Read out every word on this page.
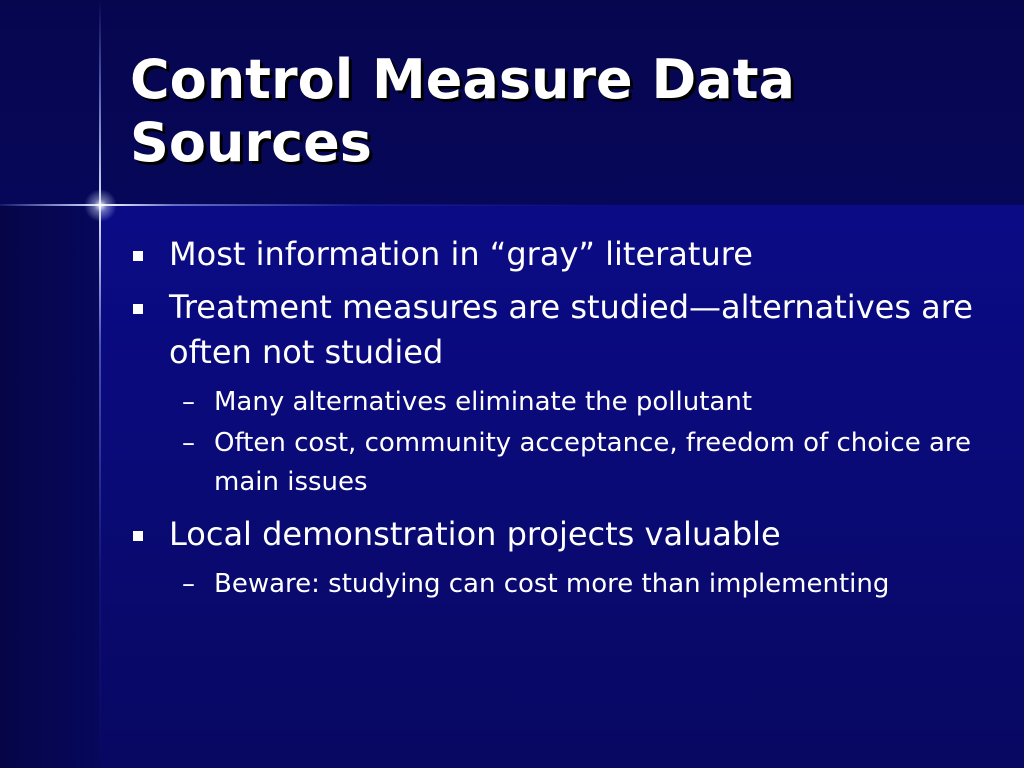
Control Measure Data Sources
Most information in “gray” literature
Treatment measures are studied—alternatives are often not studied
– Many alternatives eliminate the pollutant
– Often cost, community acceptance, freedom of choice are main issues
Local demonstration projects valuable
– Beware: studying can cost more than implementing
